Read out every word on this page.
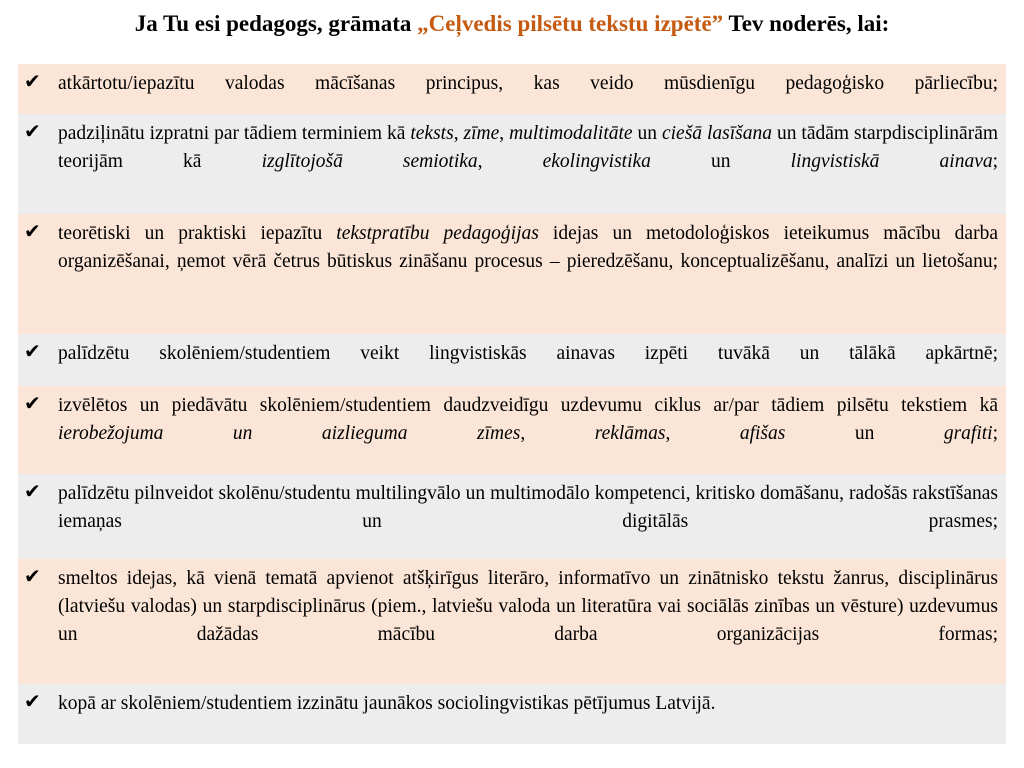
Ja Tu esi pedagogs, grāmata „Ceļvedis pilsētu tekstu izpētē” Tev noderēs, lai:
✔ atkārtotu/iepazītu valodas mācīšanas principus, kas veido mūsdienīgu pedagoģisko pārliecību;
✔ padziļinātu izpratni par tādiem terminiem kā teksts, zīme, multimodalitāte un ciešā lasīšana un tādām starpdisciplinārām teorijām kā izglītojošā semiotika, ekolingvistika un lingvistiskā ainava;
✔ teorētiski un praktiski iepazītu tekstpratību pedagoģijas idejas un metodoloģiskos ieteikumus mācību darba organizēšanai, ņemot vērā četrus būtiskus zināšanu procesus – pieredzēšanu, konceptualizēšanu, analīzi un lietošanu;
✔ palīdzētu skolēniem/studentiem veikt lingvistiskās ainavas izpēti tuvākā un tālākā apkārtnē;
✔ izvēlētos un piedāvātu skolēniem/studentiem daudzveidīgu uzdevumu ciklus ar/par tādiem pilsētu tekstiem kā ierobežojuma un aizlieguma zīmes, reklāmas, afišas un grafiti;
✔ palīdzētu pilnveidot skolēnu/studentu multilingvālo un multimodālo kompetenci, kritisko domāšanu, radošās rakstīšanas iemaņas un digitālās prasmes;
✔ smeltos idejas, kā vienā tematā apvienot atšķirīgus literāro, informatīvo un zinātnisko tekstu žanrus, disciplinārus (latviešu valodas) un starpdisciplinārus (piem., latviešu valoda un literatūra vai sociālās zinības un vēsture) uzdevumus un dažādas mācību darba organizācijas formas;
✔ kopā ar skolēniem/studentiem izzinātu jaunākos sociolingvistikas pētījumus Latvijā.
